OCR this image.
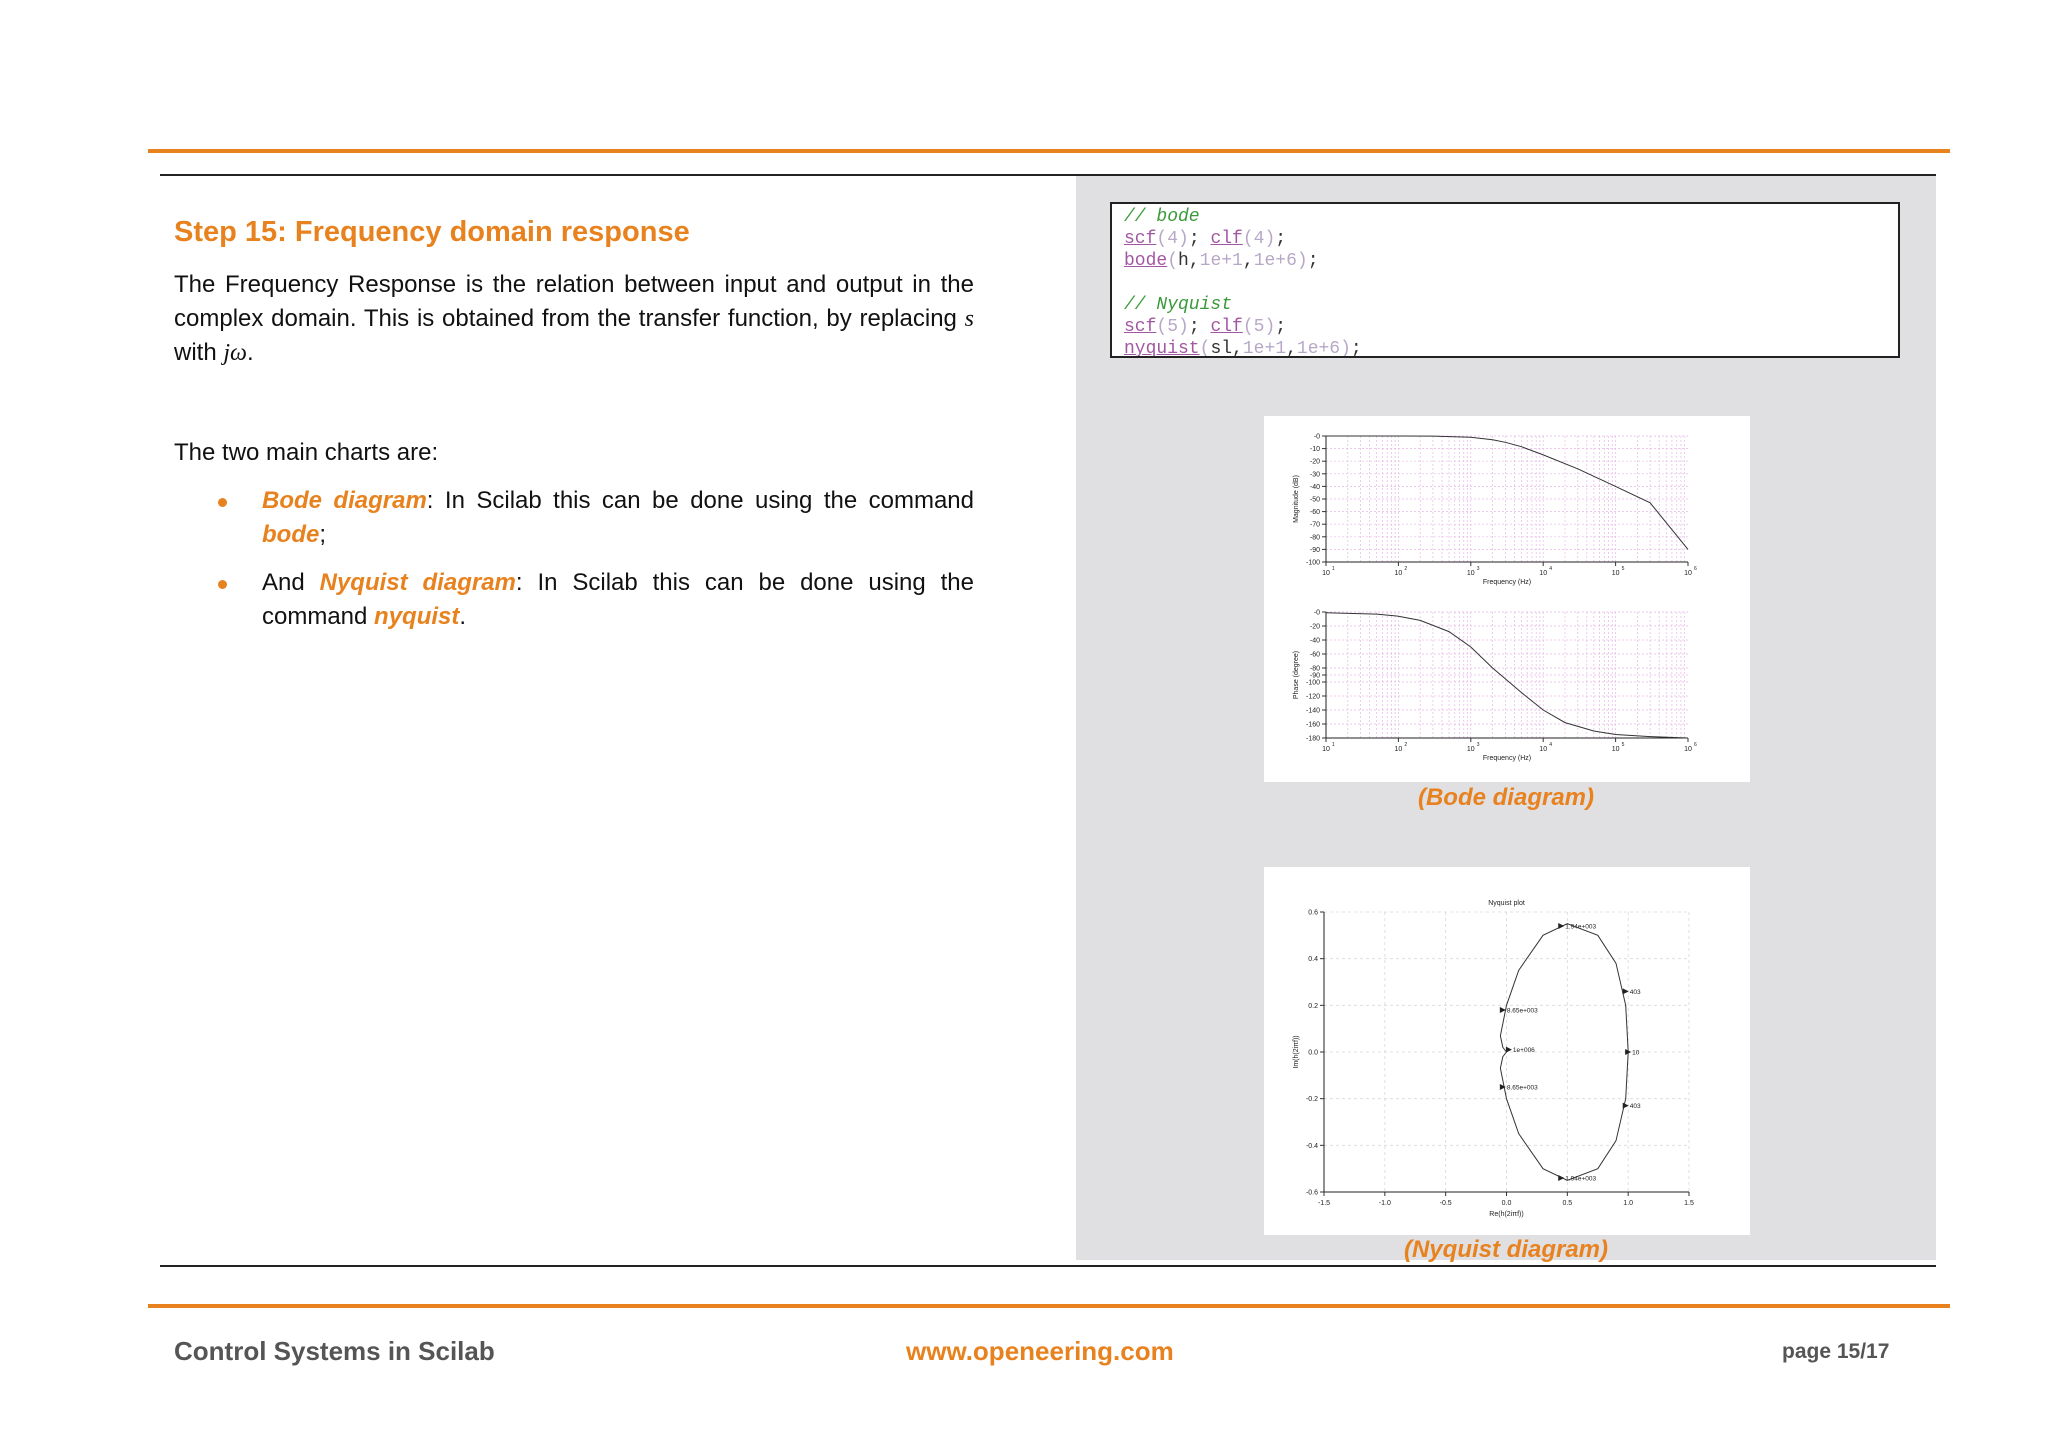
Step 15: Frequency domain response

The Frequency Response is the relation between input and output in the complex domain. This is obtained from the transfer function, by replacing s with jω.

The two main charts are:

Bode diagram: In Scilab this can be done using the command bode;
And Nyquist diagram: In Scilab this can be done using the command nyquist.
// bode
scf(4); clf(4);
bode(h,1e+1,1e+6);

// Nyquist
scf(5); clf(5);
nyquist(sl,1e+1,1e+6);
-0
-10
-20
-30
-40
-50
-60
-70
-80
-90
-100
10
1
10
2
10
3
10
4
10
5
10
6
Frequency (Hz)
Magnitude (dB)
-0
-20
-40
-60
-80
-90
-100
-120
-140
-160
-180
10
1
10
2
10
3
10
4
10
5
10
6
Frequency (Hz)
Phase (degree)
(Bode diagram)
Nyquist plot
-1.5	-1.0	-0.5	0.0	0.5	1.0	1.5
0.6
0.4
0.2
0.0
-0.2
-0.4
-0.6
Re(h(2iπf))
Im(h(2iπf))
1.94e+003
403
8.65e+003
1e+006	10
8.65e+003
403
1.94e+003
(Nyquist diagram)
Control Systems in Scilab	www.openeering.com	page 15/17
